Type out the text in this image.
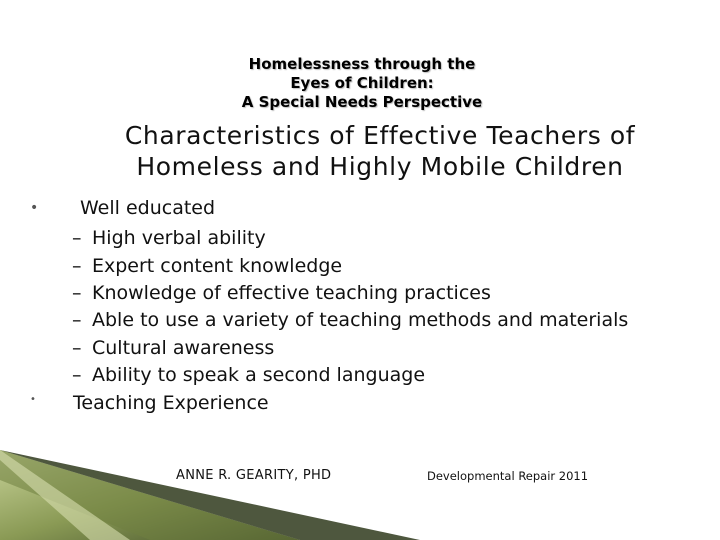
Homelessness through the
Eyes of Children:
A Special Needs Perspective
Characteristics of Effective Teachers of
Homeless and Highly Mobile Children
• Well educated
– High verbal ability
– Expert content knowledge
– Knowledge of effective teaching practices
– Able to use a variety of teaching methods and materials
– Cultural awareness
– Ability to speak a second language
• Teaching Experience
ANNE R. GEARITY, PHD	Developmental Repair 2011
